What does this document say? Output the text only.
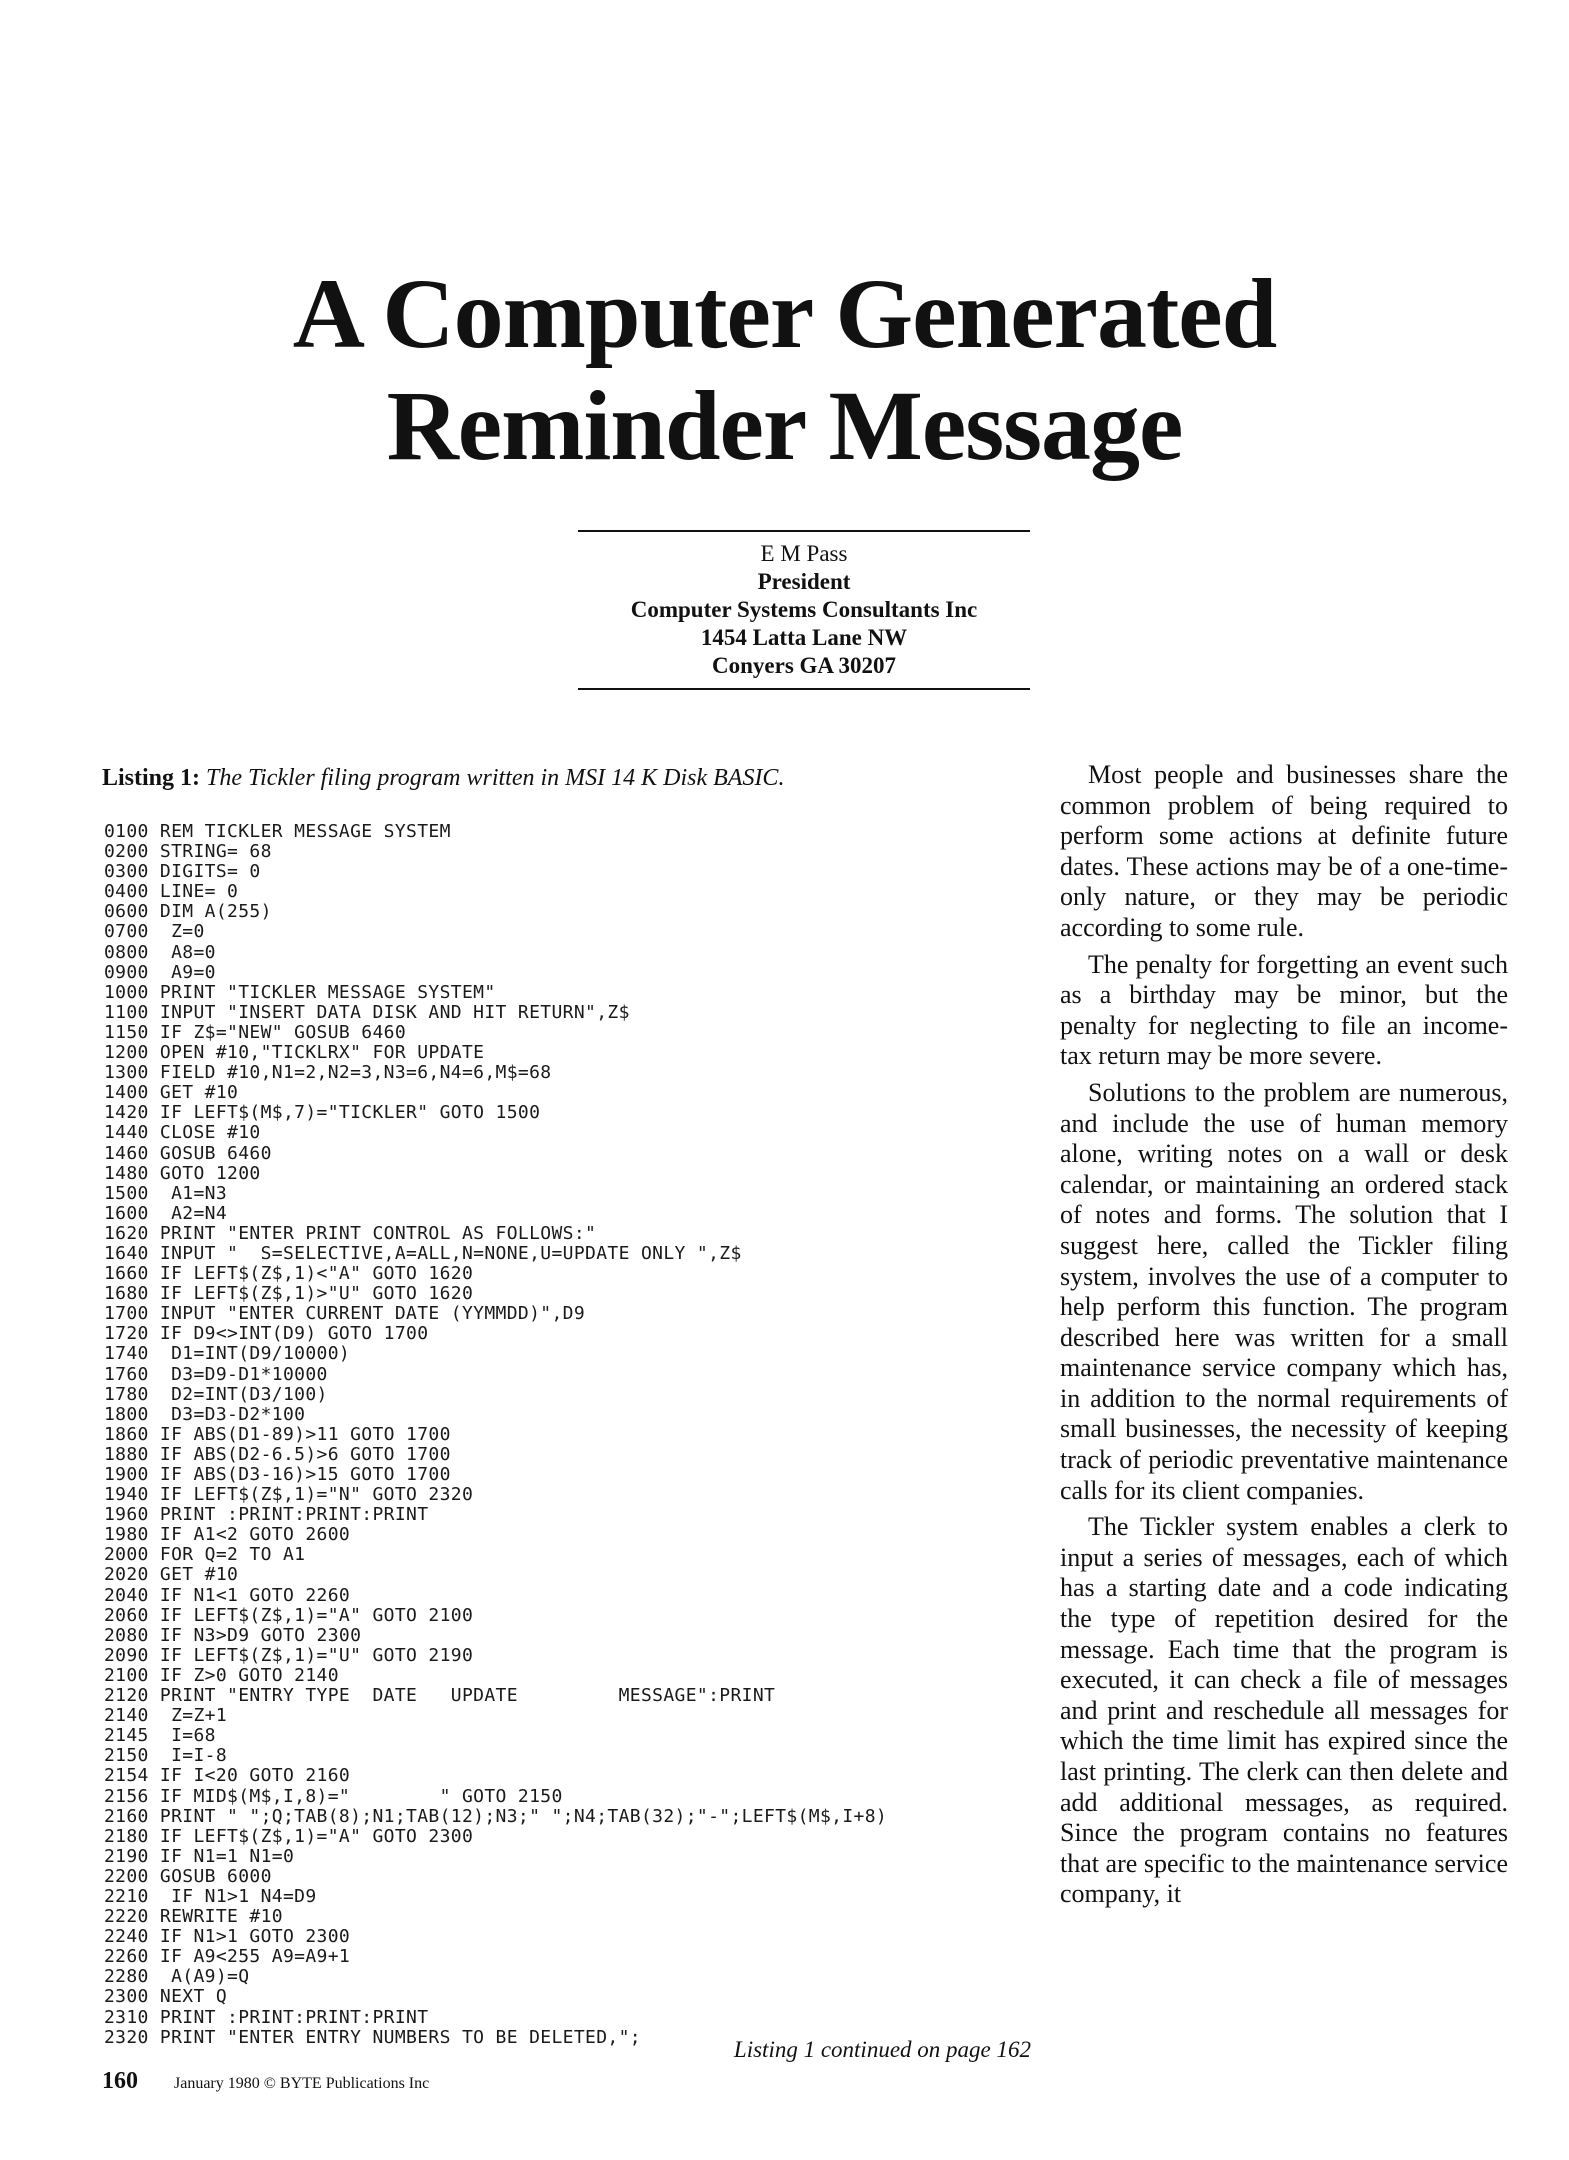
A Computer Generated
Reminder Message
E M Pass
President
Computer Systems Consultants Inc
1454 Latta Lane NW
Conyers GA 30207
Listing 1: The Tickler filing program written in MSI 14 K Disk BASIC.
0100 REM TICKLER MESSAGE SYSTEM
0200 STRING= 68
0300 DIGITS= 0
0400 LINE= 0
0600 DIM A(255)
0700  Z=0
0800  A8=0
0900  A9=0
1000 PRINT "TICKLER MESSAGE SYSTEM"
1100 INPUT "INSERT DATA DISK AND HIT RETURN",Z$
1150 IF Z$="NEW" GOSUB 6460
1200 OPEN #10,"TICKLRX" FOR UPDATE
1300 FIELD #10,N1=2,N2=3,N3=6,N4=6,M$=68
1400 GET #10
1420 IF LEFT$(M$,7)="TICKLER" GOTO 1500
1440 CLOSE #10
1460 GOSUB 6460
1480 GOTO 1200
1500  A1=N3
1600  A2=N4
1620 PRINT "ENTER PRINT CONTROL AS FOLLOWS:"
1640 INPUT "  S=SELECTIVE,A=ALL,N=NONE,U=UPDATE ONLY ",Z$
1660 IF LEFT$(Z$,1)<"A" GOTO 1620
1680 IF LEFT$(Z$,1)>"U" GOTO 1620
1700 INPUT "ENTER CURRENT DATE (YYMMDD)",D9
1720 IF D9<>INT(D9) GOTO 1700
1740  D1=INT(D9/10000)
1760  D3=D9-D1*10000
1780  D2=INT(D3/100)
1800  D3=D3-D2*100
1860 IF ABS(D1-89)>11 GOTO 1700
1880 IF ABS(D2-6.5)>6 GOTO 1700
1900 IF ABS(D3-16)>15 GOTO 1700
1940 IF LEFT$(Z$,1)="N" GOTO 2320
1960 PRINT :PRINT:PRINT:PRINT
1980 IF A1<2 GOTO 2600
2000 FOR Q=2 TO A1
2020 GET #10
2040 IF N1<1 GOTO 2260
2060 IF LEFT$(Z$,1)="A" GOTO 2100
2080 IF N3>D9 GOTO 2300
2090 IF LEFT$(Z$,1)="U" GOTO 2190
2100 IF Z>0 GOTO 2140
2120 PRINT "ENTRY TYPE  DATE   UPDATE         MESSAGE":PRINT
2140  Z=Z+1
2145  I=68
2150  I=I-8
2154 IF I<20 GOTO 2160
2156 IF MID$(M$,I,8)="        " GOTO 2150
2160 PRINT " ";Q;TAB(8);N1;TAB(12);N3;" ";N4;TAB(32);"-";LEFT$(M$,I+8)
2180 IF LEFT$(Z$,1)="A" GOTO 2300
2190 IF N1=1 N1=0
2200 GOSUB 6000
2210  IF N1>1 N4=D9
2220 REWRITE #10
2240 IF N1>1 GOTO 2300
2260 IF A9<255 A9=A9+1
2280  A(A9)=Q
2300 NEXT Q
2310 PRINT :PRINT:PRINT:PRINT
2320 PRINT "ENTER ENTRY NUMBERS TO BE DELETED,";	Listing 1 continued on page 162

Most people and businesses share the common problem of being required to perform some actions at definite future dates. These actions may be of a one-time-only nature, or they may be periodic according to some rule.

The penalty for forgetting an event such as a birthday may be minor, but the penalty for neglecting to file an income-tax return may be more severe.

Solutions to the problem are numerous, and include the use of human memory alone, writing notes on a wall or desk calendar, or maintaining an ordered stack of notes and forms. The solution that I suggest here, called the Tickler filing system, involves the use of a computer to help perform this function. The program described here was written for a small maintenance service company which has, in addition to the normal requirements of small businesses, the necessity of keeping track of periodic preventative maintenance calls for its client companies.

The Tickler system enables a clerk to input a series of messages, each of which has a starting date and a code indicating the type of repetition desired for the message. Each time that the program is executed, it can check a file of messages and print and reschedule all messages for which the time limit has expired since the last printing. The clerk can then delete and add additional messages, as required. Since the program contains no features that are specific to the maintenance service company, it

160 January 1980 © BYTE Publications Inc
